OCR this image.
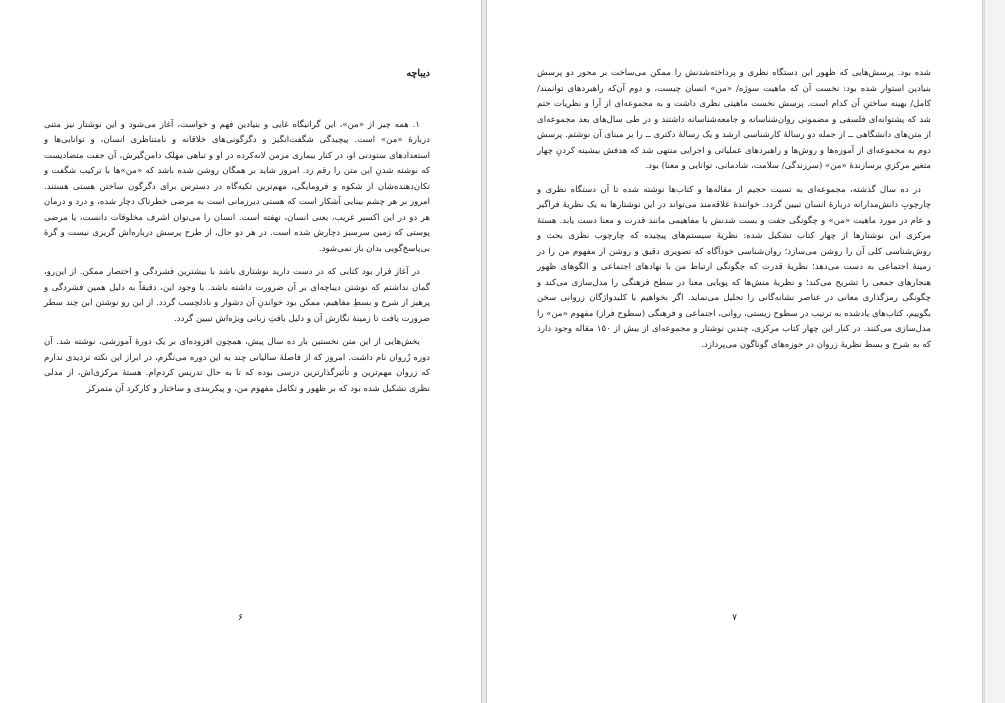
دیباچه

۱. همه چیز از «من»، این گرانیگاه غایی و بنیادین فهم و خواست، آغاز می‌شود و این نوشتار نیز متنی دربارهٔ «من» است. پیچیدگی شگفت‌انگیز و دگرگونی‌های خلاقانه و نامتناظری انسان، و توانایی‌ها و استعدادهای ستودنی او، در کنار بیماری مزمن لانه‌کرده در او و تباهی مهلک دامن‌گیرش، آن جفت متضادیست که نوشته شدنِ این متن را رقم زد. امروز شاید بر همگان روشن شده باشد که «من»ها با ترکیب شگفت و تکان‌دهنده‌شان از شکوه و فرومایگی، مهم‌ترین تکیه‌گاه در دسترس برای دگرگون ساختن هستی هستند. امروز بر هر چشم بینایی آشکار است که هستی دیرزمانی است به مرضی خطرناک دچار شده، و درد و درمان هر دو در این اکسیر غریب، یعنی انسان، نهفته است. انسان را می‌توان اشرف مخلوقات دانست، یا مرضی پوستی که زمین سرسبز دچارش شده است. در هر دو حال، از طرح پرسش درباره‌اش گریزی نیست و گرهٔ بی‌پاسخ‌گویی بدان باز نمی‌شود.

در آغاز قرار بود کتابی که در دست دارید نوشتاری باشد با بیشترین فشردگی و اختصار ممکن. از این‌رو، گمان نداشتم که نوشتن دیباچه‌ای بر آن ضرورت داشته باشد. با وجود این، دقیقاً به دلیل همین فشردگی و پرهیز از شرح و بسطِ مفاهیم، ممکن بود خواندنِ آن دشوار و نادلچسب گردد. از این رو نوشتن این چند سطر ضرورت یافت تا زمینهٔ نگارش آن و دلیل بافتِ زبانی ویژه‌اش تبیین گردد.

بخش‌هایی از این متن نخستین بار ده سال پیش، همچون افزوده‌ای بر یک دورهٔ آموزشی، نوشته شد. آن دوره زُروان نام داشت. امروز که از فاصلهٔ سالیانی چند به این دوره می‌نگرم، در ابراز این نکته تردیدی ندارم که زروان مهم‌ترین و تأثیرگذارترین درسی بوده که تا به حال تدریس کردم‌ام. هستهٔ مرکزی‌اش، از مدلی نظری تشکیل شده بود که بر ظهور و تکامل مفهوم من، و پیکربندی و ساختار و کارکرد آن متمرکز

۶

شده بود. پرسش‌هایی که ظهور این دستگاه نظری و پرداخته‌شدنش را ممکن می‌ساخت بر محور دو پرسش بنیادین استوار شده بود: نخست آن که ماهیت سوژه/ «من» انسان چیست، و دوم آن‌که راهبردهای توانمند/ کامل/ بهینه ساختنِ آن کدام است. پرسش نخست ماهیتی نظری داشت و به مجموعه‌ای از آرا و نظریات ختم شد که پشتوانه‌ای فلسفی و مضمونی روان‌شناسانه و جامعه‌شناسانه داشتند و در طی سال‌های بعد مجموعه‌ای از متن‌های دانشگاهی ــ از جمله دو رسالهٔ کارشناسی ارشد و یک رسالهٔ دکتری ــ را بر مبنای آن نوشتم. پرسش دوم به مجموعه‌ای از آموزه‌ها و روش‌ها و راهبردهای عملیاتی و اجرایی منتهی شد که هدفش بیشینه کردنِ چهار متغیرِ مرکزیِ برسازندهٔ «من» (سرزندگی/ سلامت، شادمانی، توانایی و معنا) بود.

در ده سال گذشته، مجموعه‌ای به نسبت حجیم از مقاله‌ها و کتاب‌ها نوشته شده تا آن دستگاه نظری و چارچوبِ دانش‌مدارانه دربارهٔ انسان تبیین گردد. خوانندهٔ علاقه‌مند می‌تواند در این نوشتارها به یک نظریهٔ فراگیر و عام در مورد ماهیت «من» و چگونگی جفت و بست شدنش با مفاهیمی مانند قدرت و معنا دست یابد. هستهٔ مرکزی این نوشتارها از چهار کتاب تشکیل شده: نظریهٔ سیستم‌های پیچیده که چارچوب نظری بحث و روش‌شناسی کلی آن را روشن می‌سازد؛ روان‌شناسی خودآگاه که تصویری دقیق و روشن از مفهوم من را در زمینهٔ اجتماعی به دست می‌دهد؛ نظریهٔ قدرت که چگونگی ارتباط من با نهادهای اجتماعی و الگوهای ظهور هنجارهای جمعی را تشریح می‌کند؛ و نظریهٔ منش‌ها که پویایی معنا در سطح فرهنگی را مدل‌سازی می‌کند و چگونگی رمزگذاری معانی در عناصر نشانه‌گانی را تحلیل می‌نماید. اگر بخواهیم با کلیدواژگان زروانی سخن بگوییم، کتاب‌های یادشده به ترتیب در سطوح زیستی، روانی، اجتماعی و فرهنگی (سطوح فراز) مفهوم «من» را مدل‌سازی می‌کنند. در کنار این چهار کتاب مرکزی، چندین نوشتار و مجموعه‌ای از بیش از ۱۵۰ مقاله وجود دارد که به شرح و بسط نظریهٔ زروان در حوزه‌های گوناگون می‌پردازد.

۷
